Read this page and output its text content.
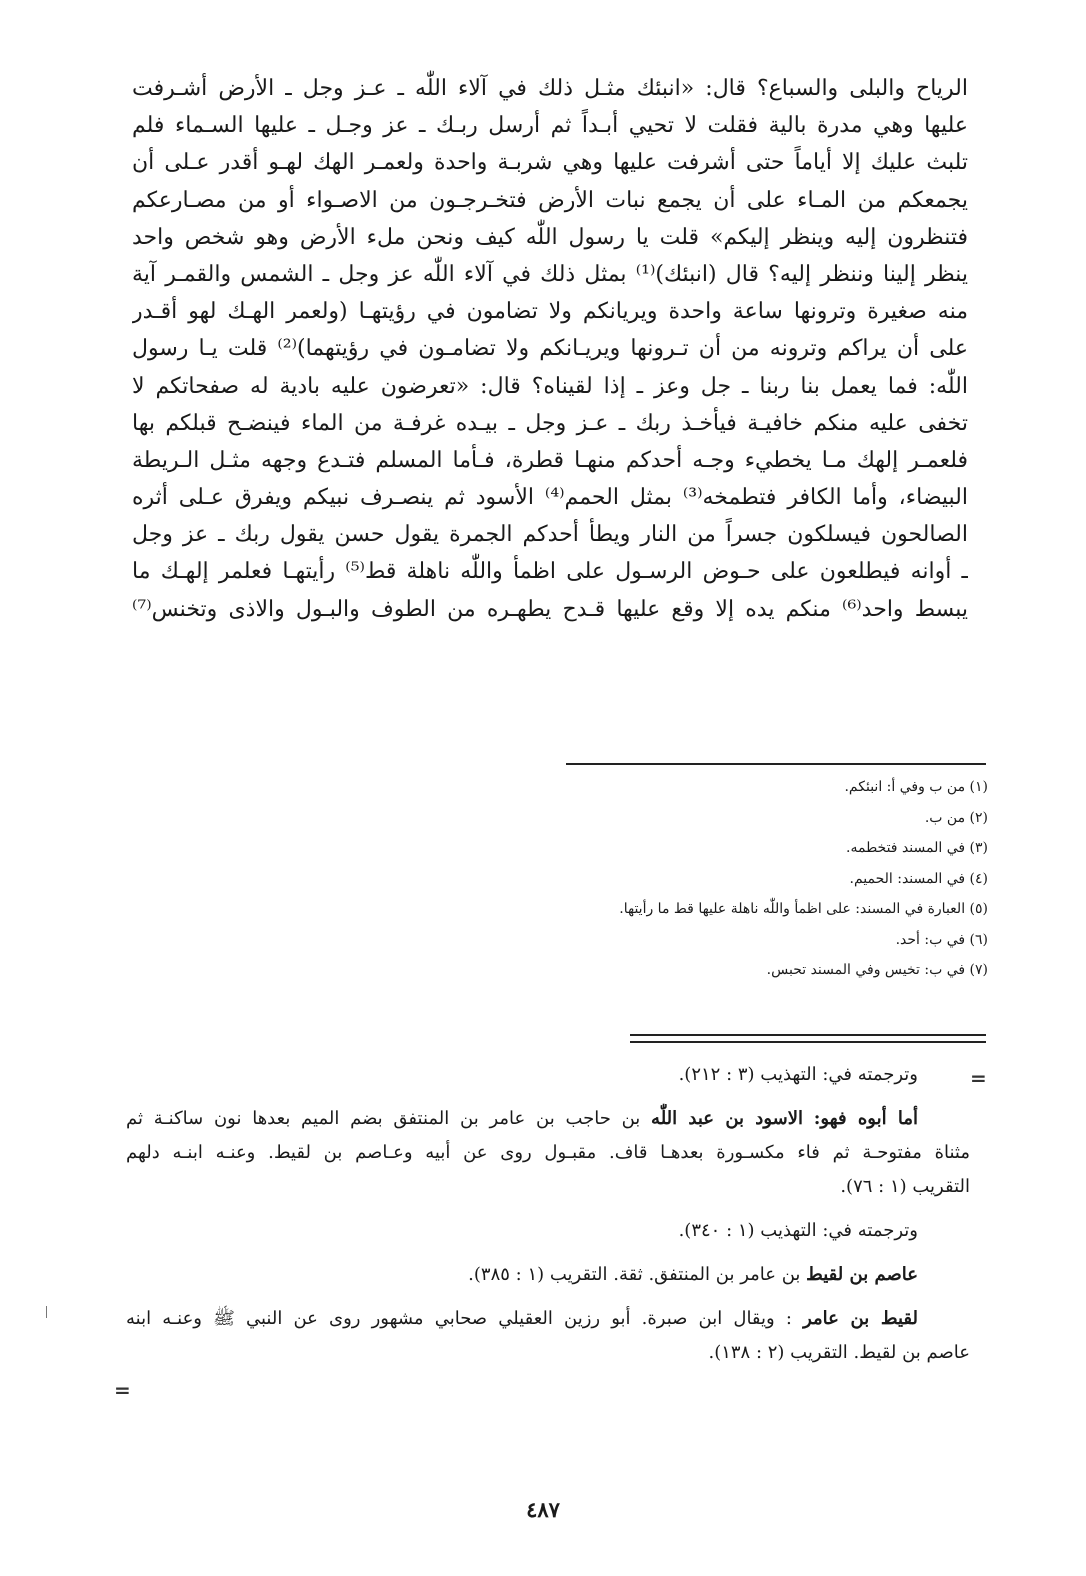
الرياح والبلى والسباع؟ قال: «انبئك مثـل ذلك في آلاء اللّٰه ـ عـز وجل ـ الأرض أشـرفت
عليها وهي مدرة بالية فقلت لا تحيي أبـداً ثم أرسل ربـك ـ عز وجـل ـ عليها السـماء فلم
تلبث عليك إلا أياماً حتى أشرفت عليها وهي شربـة واحدة ولعمـر الهك لهـو أقدر عـلى أن
يجمعكم من المـاء على أن يجمع نبات الأرض فتخـرجـون من الاصـواء أو من مصـارعكم
فتنظرون إليه وينظر إليكم» قلت يا رسول اللّٰه كيف ونحن ملء الأرض وهو شخص واحد
ينظر إلينا وننظر إليه؟ قال (انبئك)⁽¹⁾ بمثل ذلك في آلاء اللّٰه عز وجل ـ الشمس والقمـر آية
منه صغيرة وترونها ساعة واحدة ويريانكم ولا تضامون في رؤيتهـا (ولعمر الهـك لهو أقـدر
على أن يراكم وترونه من أن تـرونها ويريـانكم ولا تضامـون في رؤيتهما)⁽²⁾ قلت يـا رسول
اللّٰه: فما يعمل بنا ربنا ـ جل وعز ـ إذا لقيناه؟ قال: «تعرضون عليه بادية له صفحاتكم لا
تخفى عليه منكم خافيـة فيأخـذ ربك ـ عـز وجل ـ بيـده غرفـة من الماء فينضـح قبلكم بها
فلعمـر إلهك مـا يخطيء وجـه أحدكم منهـا قطرة، فـأما المسلم فتـدع وجهه مثـل الـريطة
البيضاء، وأما الكافر فتطمخه⁽³⁾ بمثل الحمم⁽⁴⁾ الأسود ثم ينصـرف نبيكم ويفرق عـلى أثره
الصالحون فيسلكون جسراً من النار ويطأ أحدكم الجمرة يقول حسن يقول ربك ـ عز وجل
ـ أوانه فيطلعون على حـوض الرسـول على اظمأ واللّٰه ناهلة قط⁽⁵⁾ رأيتهـا فعلمر إلهـك ما
يبسط واحد⁽⁶⁾ منكم يده إلا وقع عليها قـدح يطهـره من الطوف والبـول والاذى وتخنس⁽⁷⁾
(١) من ب وفي أ: انبئكم.
(٢) من ب.
(٣) في المسند فتخطمه.
(٤) في المسند: الحميم.
(٥) العبارة في المسند: على اظمأ واللّٰه ناهلة عليها قط ما رأيتها.
(٦) في ب: أحد.
(٧) في ب: تخيس وفي المسند تحبس.
=
وترجمته في: التهذيب (٣ : ٢١٢).
أما أبوه فهو: الاسود بن عبد اللّٰه بن حاجب بن عامر بن المنتفق بضم الميم بعدها نون ساكنـة ثم
مثناة مفتوحـة ثم فاء مكسـورة بعدهـا قاف. مقبـول روى عن أبيه وعـاصم بن لقيط. وعنـه ابنـه دلهم
التقريب (١ : ٧٦).
وترجمته في: التهذيب (١ : ٣٤٠).
عاصم بن لقيط بن عامر بن المنتفق. ثقة. التقريب (١ : ٣٨٥).
لقيط بن عامر : ويقال ابن صبرة. أبو رزين العقيلي صحابي مشهور روى عن النبي ﷺ وعنـه ابنه
عاصم بن لقيط. التقريب (٢ : ١٣٨).
=
٤٨٧
